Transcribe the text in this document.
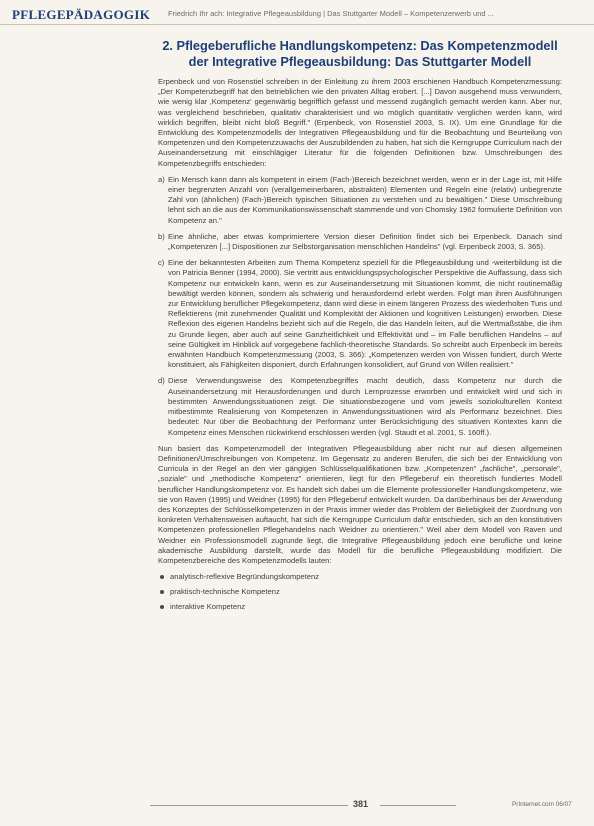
PFLEGEPÄDAGOGIK Friedrich Ihr ach: Integrative Pflegeausbildung | Das Stuttgarter Modell – Kompetenzerwerb und ...
2. Pflegeberufliche Handlungskompetenz: Das Kompetenzmodell der Integrative Pflegeausbildung: Das Stuttgarter Modell

Erpenbeck und von Rosenstiel schreiben in der Einleitung zu ihrem 2003 erschienen Handbuch Kompetenzmessung: „Der Kompetenzbegriff hat den betrieblichen wie den privaten Alltag erobert. [...] Davon ausgehend muss verwundern, wie wenig klar ‚Kompetenz' gegenwärtig begrifflich gefasst und messend zugänglich gemacht werden kann. Aber nur, was vergleichend beschrieben, qualitativ charakterisiert und wo möglich quantitativ verglichen werden kann, wird wirklich begriffen, bleibt nicht bloß Begriff." (Erpenbeck, von Rosenstiel 2003, S. IX). Um eine Grundlage für die Entwicklung des Kompetenzmodells der Integrativen Pflegeausbildung und für die Beobachtung und Beurteilung von Kompetenzen und den Kompetenzzuwachs der Auszubildenden zu haben, hat sich die Kerngruppe Curriculum nach der Auseinandersetzung mit einschlägiger Literatur für die folgenden Definitionen bzw. Umschreibungen des Kompetenzbegriffs entschieden:

a) Ein Mensch kann dann als kompetent in einem (Fach-)Bereich bezeichnet werden, wenn er in der Lage ist, mit Hilfe einer begrenzten Anzahl von (verallgemeinerbaren, abstrakten) Elementen und Regeln eine (relativ) unbegrenzte Zahl von (ähnlichen) (Fach-)Bereich typischen Situationen zu verstehen und zu bewältigen." Diese Umschreibung lehnt sich an die aus der Kommunikationswissenschaft stammende und von Chomsky 1962 formulierte Definition von Kompetenz an."
b) Eine ähnliche, aber etwas komprimiertere Version dieser Definition findet sich bei Erpenbeck. Danach sind „Kompetenzen [...] Dispositionen zur Selbstorganisation menschlichen Handelns" (vgl. Erpenbeck 2003, S. 365).
c) Eine der bekanntesten Arbeiten zum Thema Kompetenz speziell für die Pflegeausbildung und -weiterbildung ist die von Patricia Benner (1994, 2000). Sie vertritt aus entwicklungspsychologischer Perspektive die Auffassung, dass sich Kompetenz nur entwickeln kann, wenn es zur Auseinandersetzung mit Situationen kommt, die nicht routinemäßig bewältigt werden können, sondern als schwierig und herausfordernd erlebt werden. Folgt man ihren Ausführungen zur Entwicklung beruflicher Pflegekompetenz, dann wird diese in einem längeren Prozess des wiederholten Tuns und Reflektierens (mit zunehmender Qualität und Komplexität der Aktionen und kognitiven Leistungen) erworben. Diese Reflexion des eigenen Handelns bezieht sich auf die Regeln, die das Handeln leiten, auf die Wertmaßstäbe, die ihm zu Grunde liegen, aber auch auf seine Ganzheitlichkeit und Effektivität und – im Falle beruflichen Handelns – auf seine Gültigkeit im Hinblick auf vorgegebene fachlich-theoretische Standards. So schreibt auch Erpenbeck im bereits erwähnten Handbuch Kompetenzmessung (2003, S. 366): „Kompetenzen werden von Wissen fundiert, durch Werte konstituiert, als Fähigkeiten disponiert, durch Erfahrungen konsolidiert, auf Grund von Willen realisiert."
d) Diese Verwendungsweise des Kompetenzbegriffes macht deutlich, dass Kompetenz nur durch die Auseinandersetzung mit Herausforderungen und durch Lernprozesse erworben und entwickelt wird und sich in bestimmten Anwendungssituationen zeigt. Die situationsbezogene und vom jeweils soziokulturellen Kontext mitbestimmte Realisierung von Kompetenzen in Anwendungssituationen wird als Performanz bezeichnet. Dies bedeutet: Nur über die Beobachtung der Performanz unter Berücksichtigung des situativen Kontextes kann die Kompetenz eines Menschen rückwirkend erschlossen werden (vgl. Staudt et al. 2001, S. 160ff.).

Nun basiert das Kompetenzmodell der Integrativen Pflegeausbildung aber nicht nur auf diesen allgemeinen Definitionen/Umschreibungen von Kompetenz. Im Gegensatz zu anderen Berufen, die sich bei der Entwicklung von Curricula in der Regel an den vier gängigen Schlüsselqualifikationen bzw. „Kompetenzen" „fachliche", „personale", „soziale" und „methodische Kompetenz" orientieren, liegt für den Pflegeberuf ein theoretisch fundiertes Modell beruflicher Handlungskompetenz vor. Es handelt sich dabei um die Elemente professioneller Handlungskompetenz, wie sie von Raven (1995) und Weidner (1995) für den Pflegeberuf entwickelt wurden. Da darüberhinaus bei der Anwendung des Konzeptes der Schlüsselkompetenzen in der Praxis immer wieder das Problem der Beliebigkeit der Zuordnung von konkreten Verhaltensweisen auftaucht, hat sich die Kerngruppe Curriculum dafür entschieden, sich an den konstitutiven Kompetenzen professionellen Pflegehandelns nach Weidner zu orientieren." Weil aber dem Modell von Raven und Weidner ein Professionsmodell zugrunde liegt, die Integrative Pflegeausbildung jedoch eine berufliche und keine akademische Ausbildung darstellt, wurde das Modell für die berufliche Pflegeausbildung modifiziert. Die Kompetenzbereiche des Kompetenzmodells lauten:

analytisch-reflexive Begründungskompetenz
praktisch-technische Kompetenz
interaktive Kompetenz
381	PrInternet.com 06/07
